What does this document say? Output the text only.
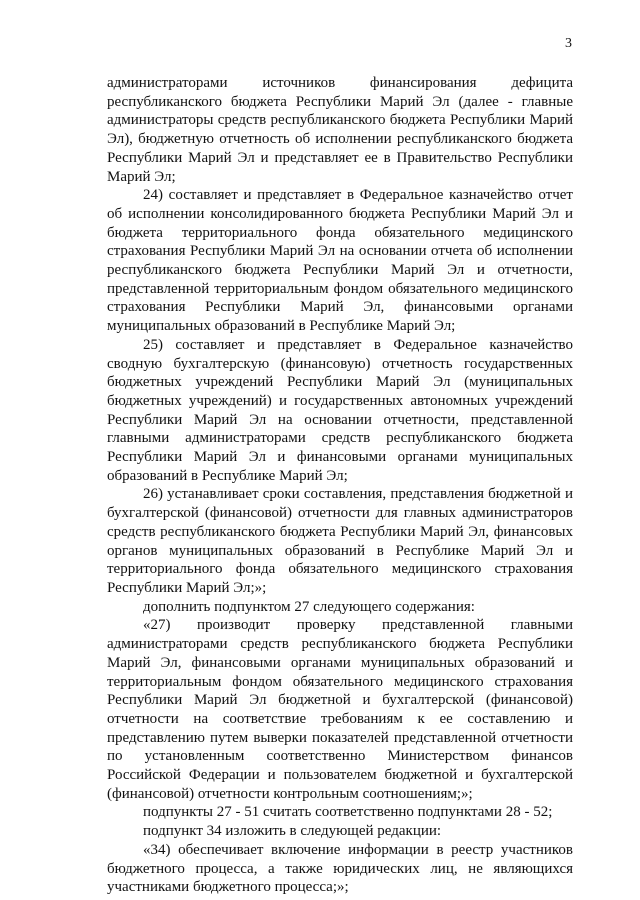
3

администраторами источников финансирования дефицита республиканского бюджета Республики Марий Эл (далее - главные администраторы средств республиканского бюджета Республики Марий Эл), бюджетную отчетность об исполнении республиканского бюджета Республики Марий Эл и представляет ее в Правительство Республики Марий Эл;

24) составляет и представляет в Федеральное казначейство отчет об исполнении консолидированного бюджета Республики Марий Эл и бюджета территориального фонда обязательного медицинского страхования Республики Марий Эл на основании отчета об исполнении республиканского бюджета Республики Марий Эл и отчетности, представленной территориальным фондом обязательного медицинского страхования Республики Марий Эл, финансовыми органами муниципальных образований в Республике Марий Эл;

25) составляет и представляет в Федеральное казначейство сводную бухгалтерскую (финансовую) отчетность государственных бюджетных учреждений Республики Марий Эл (муниципальных бюджетных учреждений) и государственных автономных учреждений Республики Марий Эл на основании отчетности, представленной главными администраторами средств республиканского бюджета Республики Марий Эл и финансовыми органами муниципальных образований в Республике Марий Эл;

26) устанавливает сроки составления, представления бюджетной и бухгалтерской (финансовой) отчетности для главных администраторов средств республиканского бюджета Республики Марий Эл, финансовых органов муниципальных образований в Республике Марий Эл и территориального фонда обязательного медицинского страхования Республики Марий Эл;»;

дополнить подпунктом 27 следующего содержания:

«27) производит проверку представленной главными администраторами средств республиканского бюджета Республики Марий Эл, финансовыми органами муниципальных образований и территориальным фондом обязательного медицинского страхования Республики Марий Эл бюджетной и бухгалтерской (финансовой) отчетности на соответствие требованиям к ее составлению и представлению путем выверки показателей представленной отчетности по установленным соответственно Министерством финансов Российской Федерации и пользователем бюджетной и бухгалтерской (финансовой) отчетности контрольным соотношениям;»;

подпункты 27 - 51 считать соответственно подпунктами 28 - 52;

подпункт 34 изложить в следующей редакции:

«34) обеспечивает включение информации в реестр участников бюджетного процесса, а также юридических лиц, не являющихся участниками бюджетного процесса;»;
